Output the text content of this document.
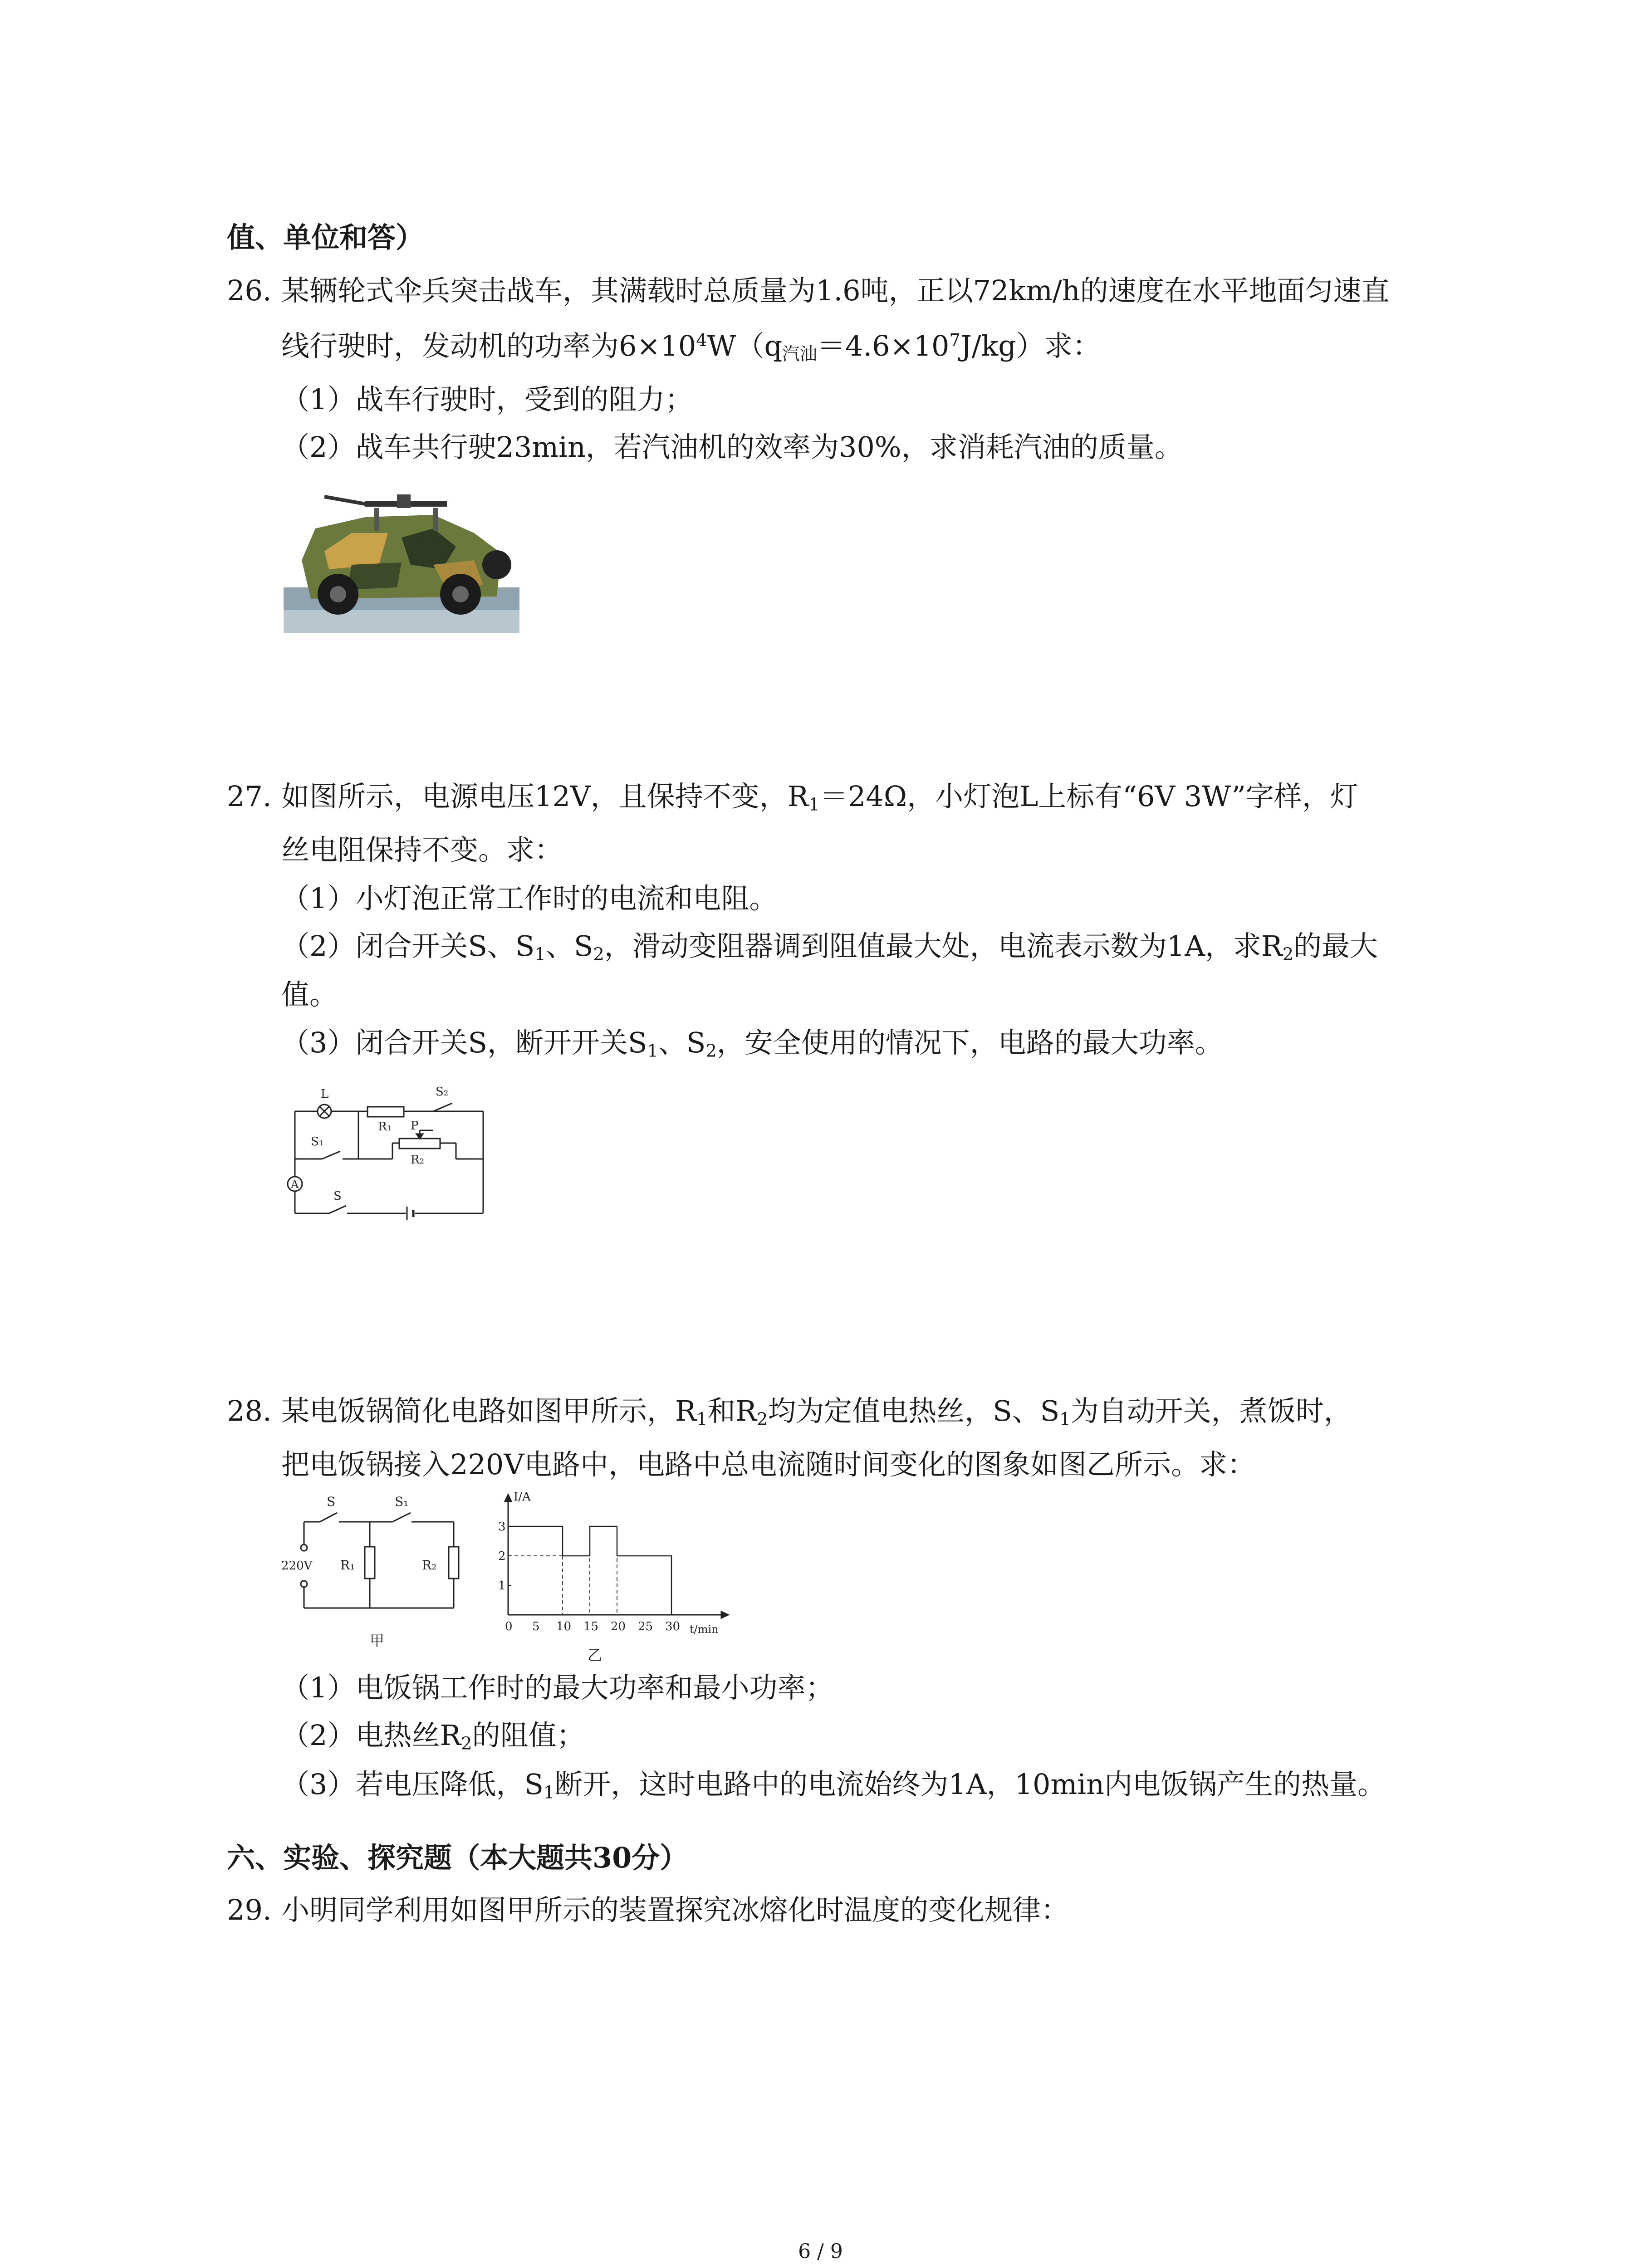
值、单位和答）
26. 某辆轮式伞兵突击战车，其满载时总质量为1.6吨，正以72km/h的速度在水平地面匀速直
线行驶时，发动机的功率为$6\times 10^4W(q_{汽油}=4.6\times 10^7J/kg)$求：
（1）战车行驶时，受到的阻力；
（2）战车共行驶23min，若汽油机的效率为30%，求消耗汽油的质量。
27. 如图所示，电源电压12V，且保持不变，$R_1=24\Omega$，小灯泡L上标有“6V 3W”字样，灯
丝电阻保持不变。求：
（1）小灯泡正常工作时的电流和电阻。
（2）闭合开关S、$S_1$、$S_2$，滑动变阻器调到阻值最大处，电流表示数为1A，求$R_2$的最大
值。
（3）闭合开关S，断开开关$S_1$、$S_2$，安全使用的情况下，电路的最大功率。
L	S₂
R₁
S₁
P
R₂
A
S
28. 某电饭锅简化电路如图甲所示，$R_1$和$R_2$均为定值电热丝，S、$S_1$为自动开关，煮饭时，
把电饭锅接入220V电路中，电路中总电流随时间变化的图象如图乙所示。求：
S	S₁
220V R₁	R₂
甲
3
2
1
0 5 10 15 20 25 30
I/A
t/min
乙
（1）电饭锅工作时的最大功率和最小功率；
（2）电热丝$R_2$的阻值；
（3）若电压降低，$S_1$断开，这时电路中的电流始终为1A，10min内电饭锅产生的热量。
六、实验、探究题（本大题共30分）
29. 小明同学利用如图甲所示的装置探究冰熔化时温度的变化规律：
6 / 9
